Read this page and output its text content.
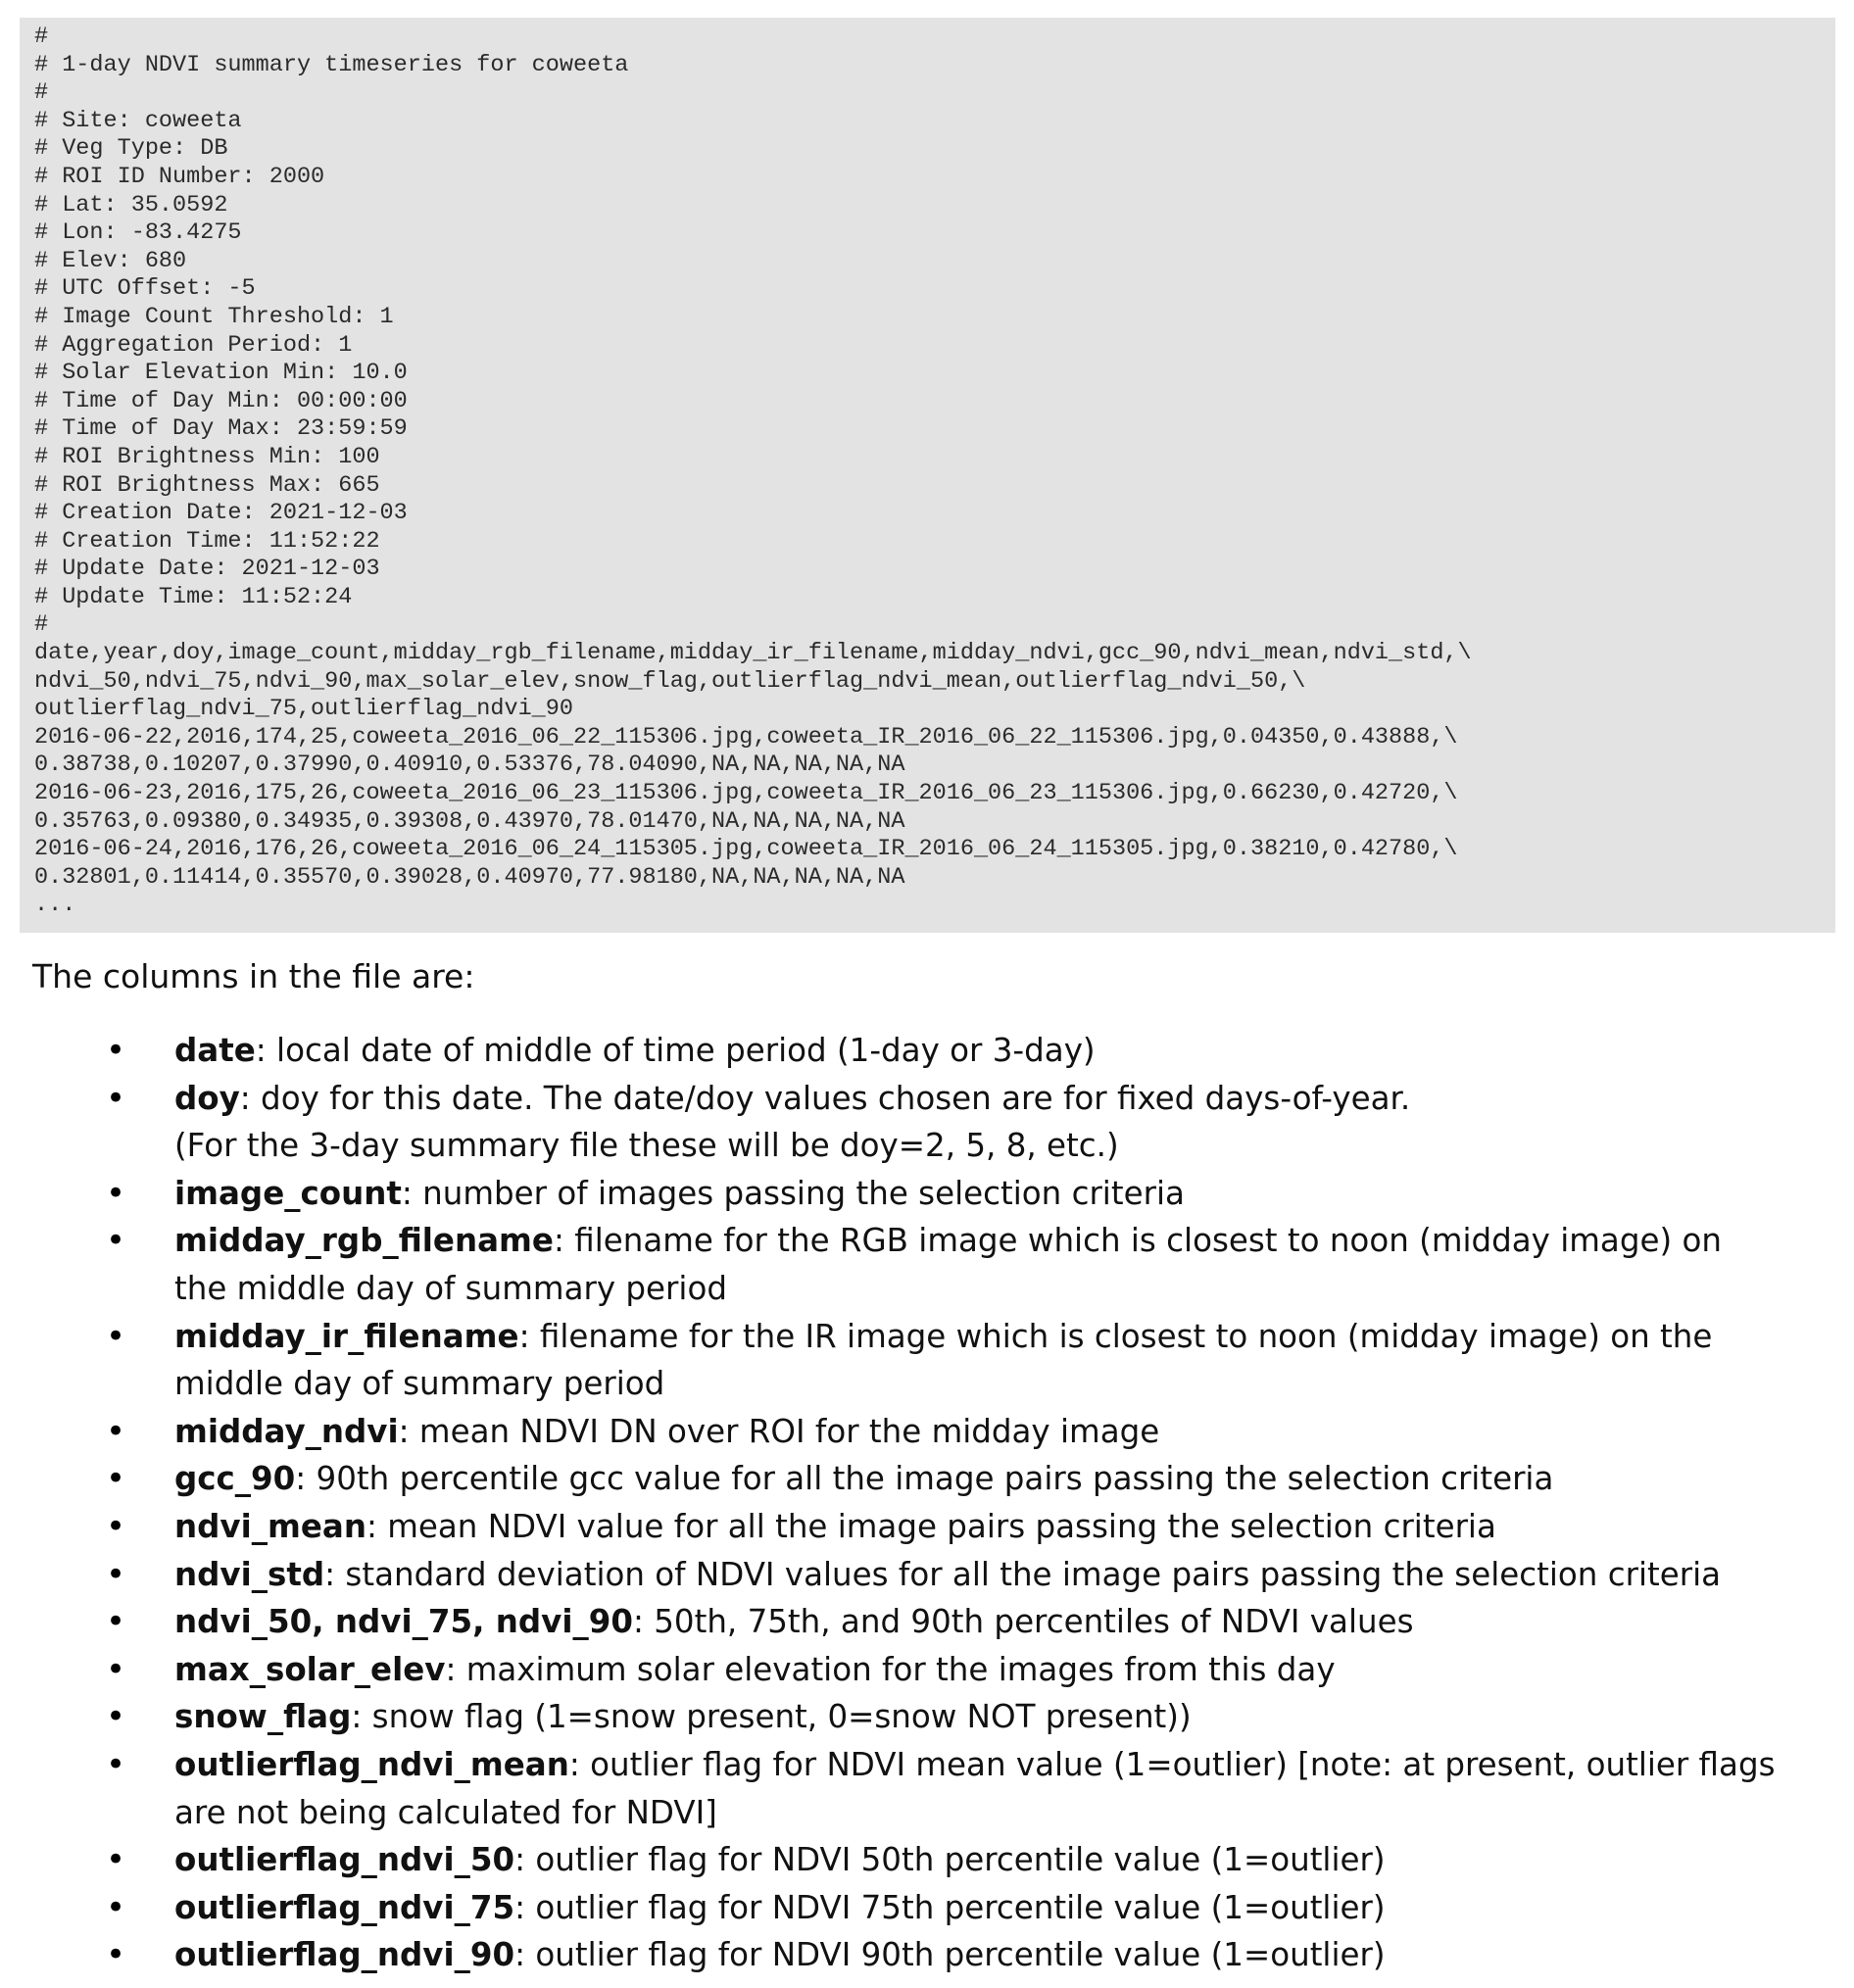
#
# 1-day NDVI summary timeseries for coweeta
#
# Site: coweeta
# Veg Type: DB
# ROI ID Number: 2000
# Lat: 35.0592
# Lon: -83.4275
# Elev: 680
# UTC Offset: -5
# Image Count Threshold: 1
# Aggregation Period: 1
# Solar Elevation Min: 10.0
# Time of Day Min: 00:00:00
# Time of Day Max: 23:59:59
# ROI Brightness Min: 100
# ROI Brightness Max: 665
# Creation Date: 2021-12-03
# Creation Time: 11:52:22
# Update Date: 2021-12-03
# Update Time: 11:52:24
#
date,year,doy,image_count,midday_rgb_filename,midday_ir_filename,midday_ndvi,gcc_90,ndvi_mean,ndvi_std,\
ndvi_50,ndvi_75,ndvi_90,max_solar_elev,snow_flag,outlierflag_ndvi_mean,outlierflag_ndvi_50,\
outlierflag_ndvi_75,outlierflag_ndvi_90
2016-06-22,2016,174,25,coweeta_2016_06_22_115306.jpg,coweeta_IR_2016_06_22_115306.jpg,0.04350,0.43888,\
0.38738,0.10207,0.37990,0.40910,0.53376,78.04090,NA,NA,NA,NA,NA
2016-06-23,2016,175,26,coweeta_2016_06_23_115306.jpg,coweeta_IR_2016_06_23_115306.jpg,0.66230,0.42720,\
0.35763,0.09380,0.34935,0.39308,0.43970,78.01470,NA,NA,NA,NA,NA
2016-06-24,2016,176,26,coweeta_2016_06_24_115305.jpg,coweeta_IR_2016_06_24_115305.jpg,0.38210,0.42780,\
0.32801,0.11414,0.35570,0.39028,0.40970,77.98180,NA,NA,NA,NA,NA
...

The columns in the file are:

• date: local date of middle of time period (1-day or 3-day)
• doy: doy for this date. The date/doy values chosen are for fixed days-of-year.
(For the 3-day summary file these will be doy=2, 5, 8, etc.)
• image_count: number of images passing the selection criteria
• midday_rgb_filename: filename for the RGB image which is closest to noon (midday image) on
the middle day of summary period
• midday_ir_filename: filename for the IR image which is closest to noon (midday image) on the
middle day of summary period
• midday_ndvi: mean NDVI DN over ROI for the midday image
• gcc_90: 90th percentile gcc value for all the image pairs passing the selection criteria
• ndvi_mean: mean NDVI value for all the image pairs passing the selection criteria
• ndvi_std: standard deviation of NDVI values for all the image pairs passing the selection criteria
• ndvi_50, ndvi_75, ndvi_90: 50th, 75th, and 90th percentiles of NDVI values
• max_solar_elev: maximum solar elevation for the images from this day
• snow_flag: snow flag (1=snow present, 0=snow NOT present))
• outlierflag_ndvi_mean: outlier flag for NDVI mean value (1=outlier) [note: at present, outlier flags
are not being calculated for NDVI]
• outlierflag_ndvi_50: outlier flag for NDVI 50th percentile value (1=outlier)
• outlierflag_ndvi_75: outlier flag for NDVI 75th percentile value (1=outlier)
• outlierflag_ndvi_90: outlier flag for NDVI 90th percentile value (1=outlier)
